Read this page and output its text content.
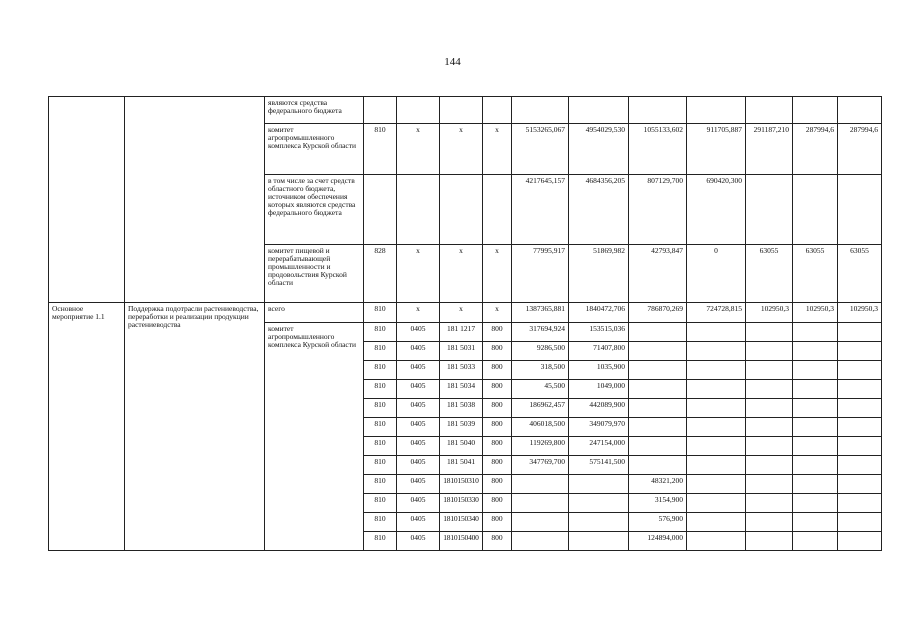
144
		являются средства федерального бюджета											
		комитет агропромышленного комплекса Курской области	810	x	x	x	5153265,067	4954029,530	1055133,602	911705,887	291187,210	287994,6	287994,6
		в том числе за счет средств областного бюджета, источником обеспечения которых являются средства федерального бюджета					4217645,157	4684356,205	807129,700	690420,300			
		комитет пищевой и перерабатывающей промышленности и продовольствия Курской области	828	x	x	x	77995,917	51869,982	42793,847	0	63055	63055	63055
Основное мероприятие 1.1	Поддержка подотрасли растениеводства, переработки и реализации продукции растениеводства	всего	810	x	x	x	1387365,881	1840472,706	786870,269	724728,815	102950,3	102950,3	102950,3
		комитет агропромышленного комплекса Курской области	810	0405	181 1217	800	317694,924	153515,036					
			810	0405	181 5031	800	9286,500	71407,800					
			810	0405	181 5033	800	318,500	1035,900					
			810	0405	181 5034	800	45,500	1049,000					
			810	0405	181 5038	800	186962,457	442089,900					
			810	0405	181 5039	800	406018,500	349079,970					
			810	0405	181 5040	800	119269,800	247154,000					
			810	0405	181 5041	800	347769,700	575141,500					
			810	0405	1810150310	800			48321,200				
			810	0405	1810150330	800			3154,900				
			810	0405	1810150340	800			576,900				
			810	0405	1810150400	800			124894,000				
